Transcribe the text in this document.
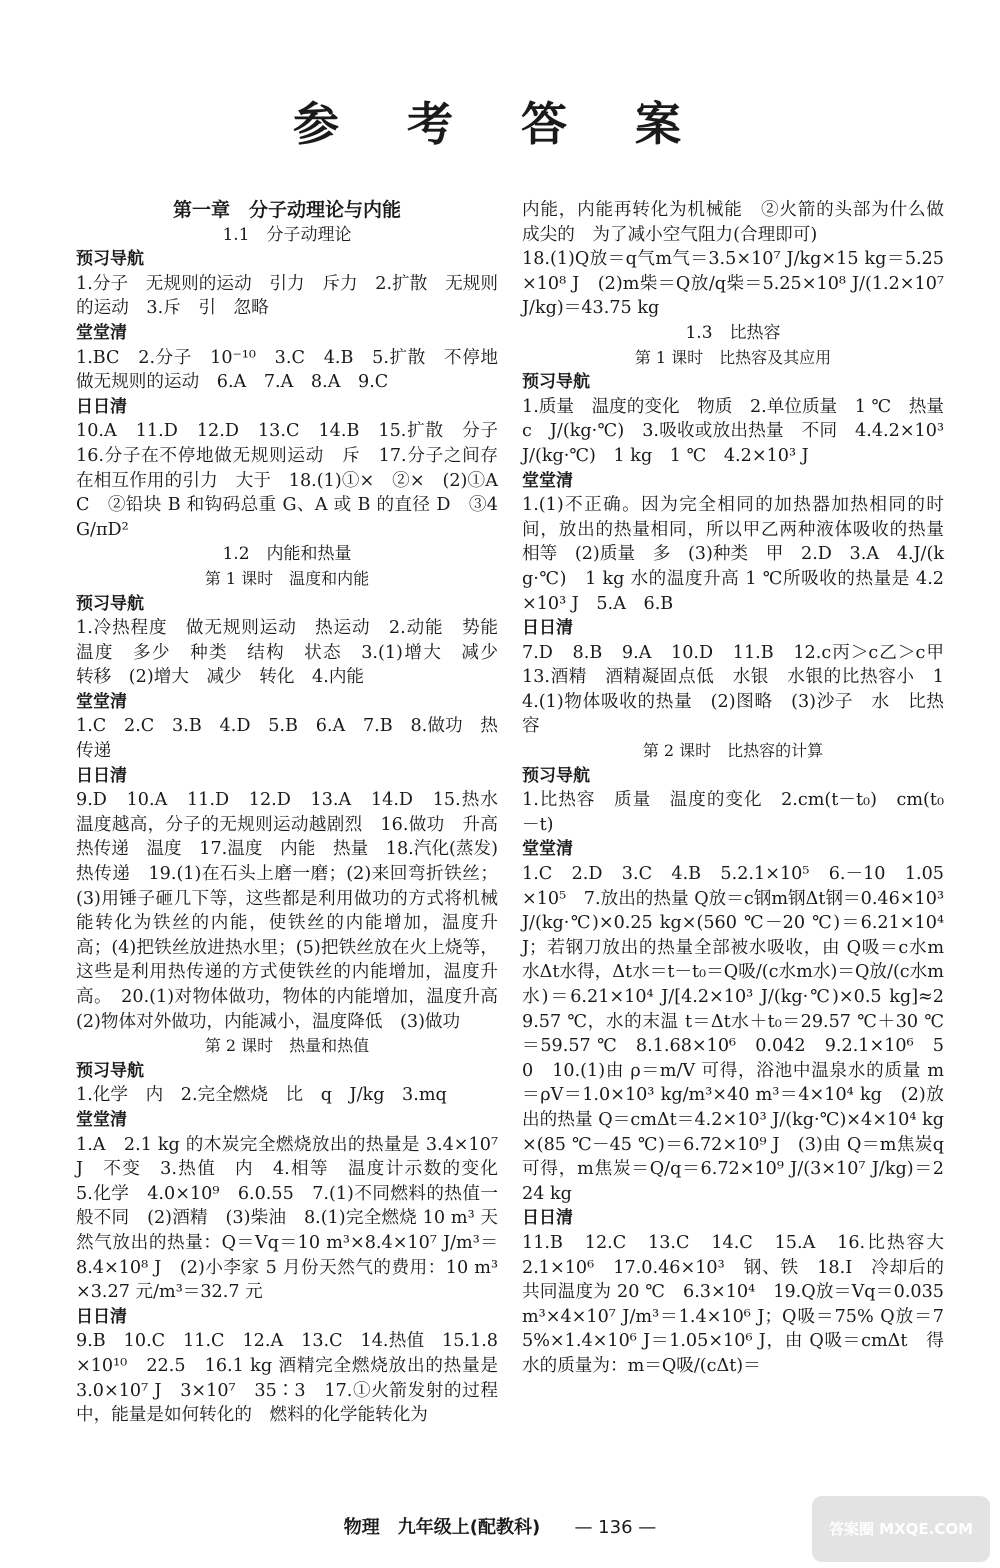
参 考 答 案

第一章　分子动理论与内能

1.1　分子动理论

预习导航

1.分子　无规则的运动　引力　斥力　2.扩散　无规则的运动　3.斥　引　忽略

堂堂清

1.BC　2.分子　10⁻¹⁰　3.C　4.B　5.扩散　不停地做无规则的运动　6.A　7.A　8.A　9.C

日日清

10.A　11.D　12.D　13.C　14.B　15.扩散　分子　16.分子在不停地做无规则运动　斥　17.分子之间存在相互作用的引力　大于　18.(1)①×　②×　(2)①AC　②铅块 B 和钩码总重 G、A 或 B 的直径 D　③4G/πD²

1.2　内能和热量

第 1 课时　温度和内能

预习导航

1.冷热程度　做无规则运动　热运动　2.动能　势能　温度　多少　种类　结构　状态　3.(1)增大　减少　转移　(2)增大　减少　转化　4.内能

堂堂清

1.C　2.C　3.B　4.D　5.B　6.A　7.B　8.做功　热传递

日日清

9.D　10.A　11.D　12.D　13.A　14.D　15.热水温度越高，分子的无规则运动越剧烈　16.做功　升高　热传递　温度　17.温度　内能　热量　18.汽化(蒸发)　热传递　19.(1)在石头上磨一磨；(2)来回弯折铁丝；(3)用锤子砸几下等，这些都是利用做功的方式将机械能转化为铁丝的内能，使铁丝的内能增加，温度升高；(4)把铁丝放进热水里；(5)把铁丝放在火上烧等，这些是利用热传递的方式使铁丝的内能增加，温度升高。　20.(1)对物体做功，物体的内能增加，温度升高　(2)物体对外做功，内能减小，温度降低　(3)做功

第 2 课时　热量和热值

预习导航

1.化学　内　2.完全燃烧　比　q　J/kg　3.mq

堂堂清

1.A　2.1 kg 的木炭完全燃烧放出的热量是 3.4×10⁷ J　不变　3.热值　内　4.相等　温度计示数的变化　5.化学　4.0×10⁹　6.0.55　7.(1)不同燃料的热值一般不同　(2)酒精　(3)柴油　8.(1)完全燃烧 10 m³ 天然气放出的热量：Q＝Vq＝10 m³×8.4×10⁷ J/m³＝8.4×10⁸ J　(2)小李家 5 月份天然气的费用：10 m³×3.27 元/m³＝32.7 元

日日清

9.B　10.C　11.C　12.A　13.C　14.热值　15.1.8×10¹⁰　22.5　16.1 kg 酒精完全燃烧放出的热量是 3.0×10⁷ J　3×10⁷　35∶3　17.①火箭发射的过程中，能量是如何转化的　燃料的化学能转化为

内能，内能再转化为机械能　②火箭的头部为什么做成尖的　为了减小空气阻力(合理即可)

18.(1)Q放＝q气m气＝3.5×10⁷ J/kg×15 kg＝5.25×10⁸ J　(2)m柴＝Q放/q柴＝5.25×10⁸ J/(1.2×10⁷ J/kg)＝43.75 kg

1.3　比热容

第 1 课时　比热容及其应用

预习导航

1.质量　温度的变化　物质　2.单位质量　1 ℃　热量　c　J/(kg·℃)　3.吸收或放出热量　不同　4.4.2×10³ J/(kg·℃)　1 kg　1 ℃　4.2×10³ J

堂堂清

1.(1)不正确。因为完全相同的加热器加热相同的时间，放出的热量相同，所以甲乙两种液体吸收的热量相等　(2)质量　多　(3)种类　甲　2.D　3.A　4.J/(kg·℃)　1 kg 水的温度升高 1 ℃所吸收的热量是 4.2×10³ J　5.A　6.B

日日清

7.D　8.B　9.A　10.D　11.B　12.c丙＞c乙＞c甲　13.酒精　酒精凝固点低　水银　水银的比热容小　14.(1)物体吸收的热量　(2)图略　(3)沙子　水　比热容

第 2 课时　比热容的计算

预习导航

1.比热容　质量　温度的变化　2.cm(t－t₀)　cm(t₀－t)

堂堂清

1.C　2.D　3.C　4.B　5.2.1×10⁵　6.－10　1.05×10⁵　7.放出的热量 Q放＝c钢m钢Δt钢＝0.46×10³ J/(kg·℃)×0.25 kg×(560 ℃－20 ℃)＝6.21×10⁴ J；若钢刀放出的热量全部被水吸收，由 Q吸＝c水m水Δt水得，Δt水＝t－t₀＝Q吸/(c水m水)＝Q放/(c水m水)＝6.21×10⁴ J/[4.2×10³ J/(kg·℃)×0.5 kg]≈29.57 ℃，水的末温 t＝Δt水＋t₀＝29.57 ℃＋30 ℃＝59.57 ℃　8.1.68×10⁶　0.042　9.2.1×10⁶　50　10.(1)由 ρ＝m/V 可得，浴池中温泉水的质量 m＝ρV＝1.0×10³ kg/m³×40 m³＝4×10⁴ kg　(2)放出的热量 Q＝cmΔt＝4.2×10³ J/(kg·℃)×4×10⁴ kg×(85 ℃－45 ℃)＝6.72×10⁹ J　(3)由 Q＝m焦炭q 可得，m焦炭＝Q/q＝6.72×10⁹ J/(3×10⁷ J/kg)＝224 kg

日日清

11.B　12.C　13.C　14.C　15.A　16.比热容大　2.1×10⁶　17.0.46×10³　钢、铁　18.I　冷却后的共同温度为 20 ℃　6.3×10⁴　19.Q放＝Vq＝0.035 m³×4×10⁷ J/m³＝1.4×10⁶ J；Q吸＝75% Q放＝75%×1.4×10⁶ J＝1.05×10⁶ J，由 Q吸＝cmΔt　得水的质量为：m＝Q吸/(cΔt)＝

物理　九年级上(配教科) — 136 —	答案圈 MXQE.COM
